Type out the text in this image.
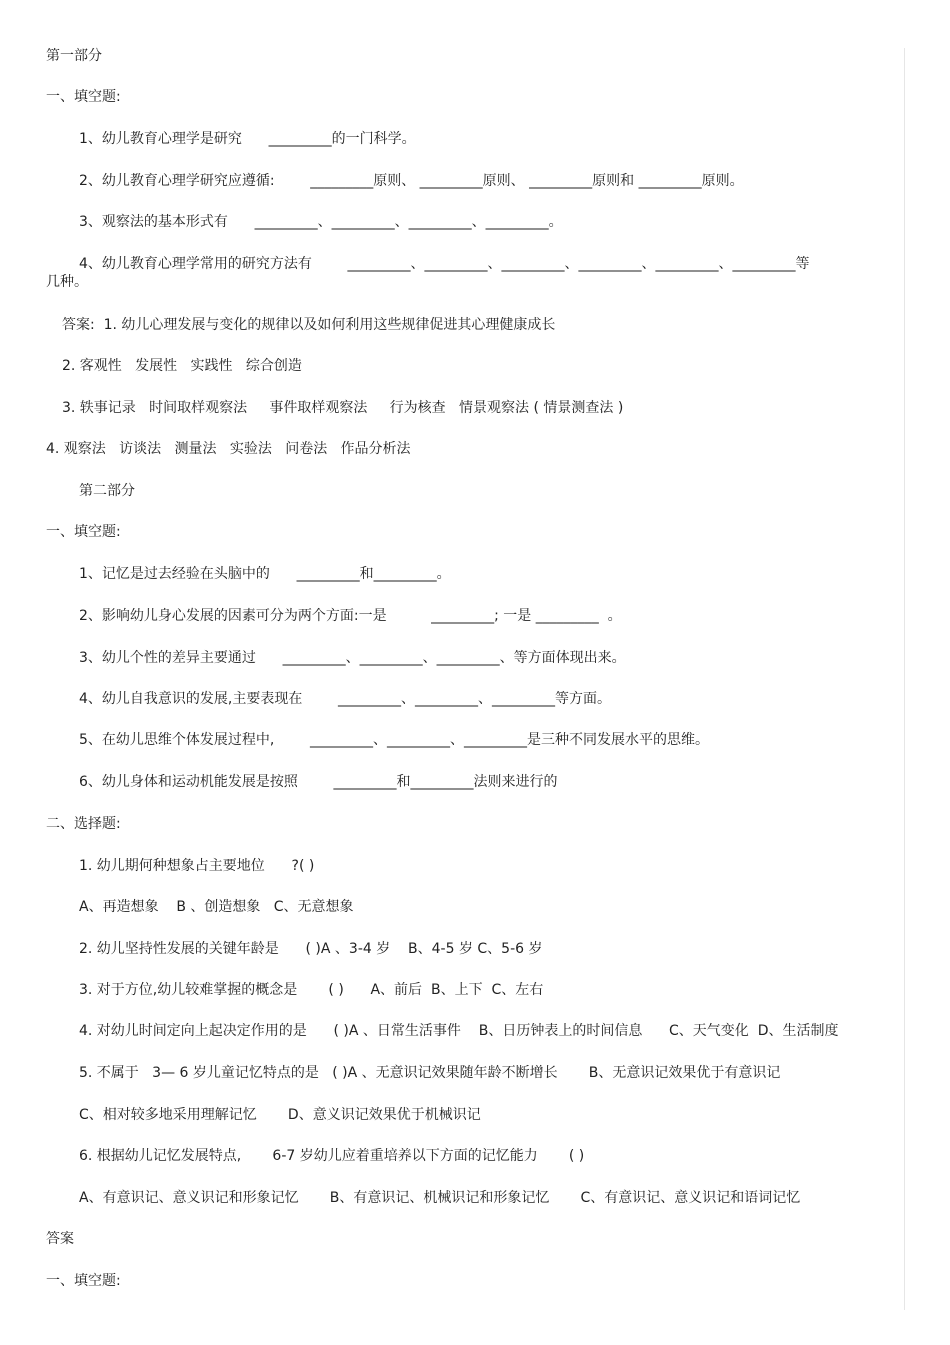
第一部分
一、填空题:
1、幼儿教育心理学是研究      _________的一门科学。
2、幼儿教育心理学研究应遵循:        _________原则、 _________原则、 _________原则和 _________原则。
3、观察法的基本形式有      _________、_________、_________、_________。
4、幼儿教育心理学常用的研究方法有        _________、_________、_________、_________、_________、_________等
几种。
答案:  1. 幼儿心理发展与变化的规律以及如何利用这些规律促进其心理健康成长
2. 客观性   发展性   实践性   综合创造
3. 轶事记录   时间取样观察法     事件取样观察法     行为核查   情景观察法 ( 情景测查法 )
4. 观察法   访谈法   测量法   实验法   问卷法   作品分析法
第二部分
一、填空题:
1、记忆是过去经验在头脑中的      _________和_________。
2、影响幼儿身心发展的因素可分为两个方面:一是          _________; 一是 _________  。
3、幼儿个性的差异主要通过      _________、_________、_________、等方面体现出来。
4、幼儿自我意识的发展,主要表现在        _________、_________、_________等方面。
5、在幼儿思维个体发展过程中,        _________、_________、_________是三种不同发展水平的思维。
6、幼儿身体和运动机能发展是按照        _________和_________法则来进行的
二、选择题:
1. 幼儿期何种想象占主要地位      ?( )
A、再造想象    B 、创造想象   C、无意想象
2. 幼儿坚持性发展的关键年龄是      ( )A 、3-4 岁    B、4-5 岁 C、5-6 岁
3. 对于方位,幼儿较难掌握的概念是       ( )      A、前后  B、上下  C、左右
4. 对幼儿时间定向上起决定作用的是      ( )A 、日常生活事件    B、日历钟表上的时间信息      C、天气变化  D、生活制度
5. 不属于   3— 6 岁儿童记忆特点的是   ( )A 、无意识记效果随年龄不断增长       B、无意识记效果优于有意识记
C、相对较多地采用理解记忆       D、意义识记效果优于机械识记
6. 根据幼儿记忆发展特点,       6-7 岁幼儿应着重培养以下方面的记忆能力       ( )
A、有意识记、意义识记和形象记忆       B、有意识记、机械识记和形象记忆       C、有意识记、意义识记和语词记忆
答案
一、填空题:
